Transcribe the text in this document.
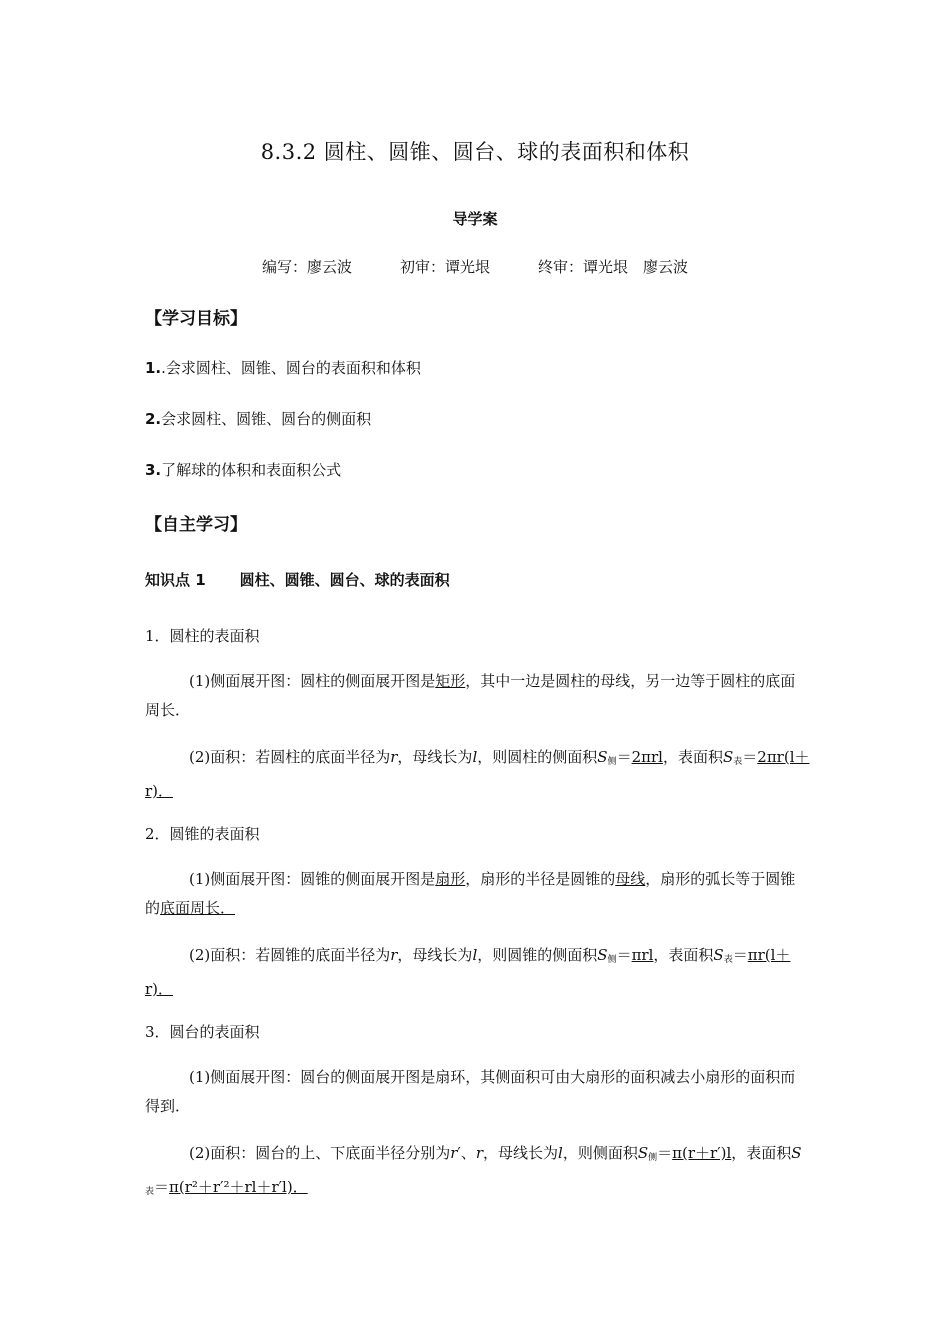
8.3.2 圆柱、圆锥、圆台、球的表面积和体积
导学案
编写：廖云波	初审：谭光垠	终审：谭光垠　廖云波
【学习目标】
1..会求圆柱、圆锥、圆台的表面积和体积
2.会求圆柱、圆锥、圆台的侧面积
3.了解球的体积和表面积公式
【自主学习】
知识点 1 圆柱、圆锥、圆台、球的表面积
1．圆柱的表面积
(1)侧面展开图：圆柱的侧面展开图是矩形，其中一边是圆柱的母线，另一边等于圆柱的底面周长．
(2)面积：若圆柱的底面半径为r，母线长为l，则圆柱的侧面积$S_侧=2\pi rl$，表面积$S_表=2\pi r(l+r)$．
2．圆锥的表面积
(1)侧面展开图：圆锥的侧面展开图是扇形，扇形的半径是圆锥的母线，扇形的弧长等于圆锥的底面周长．
(2)面积：若圆锥的底面半径为r，母线长为l，则圆锥的侧面积$S_侧=\pi rl$，表面积$S_表=\pi r(l+r)$．
3．圆台的表面积
(1)侧面展开图：圆台的侧面展开图是扇环，其侧面积可由大扇形的面积减去小扇形的面积而得到．
(2)面积：圆台的上、下底面半径分别为r′、r，母线长为l，则侧面积$S_侧=\pi(r+r')l$，表面积$S_表=\pi(r^2+r'^2+rl+r'l)$．
